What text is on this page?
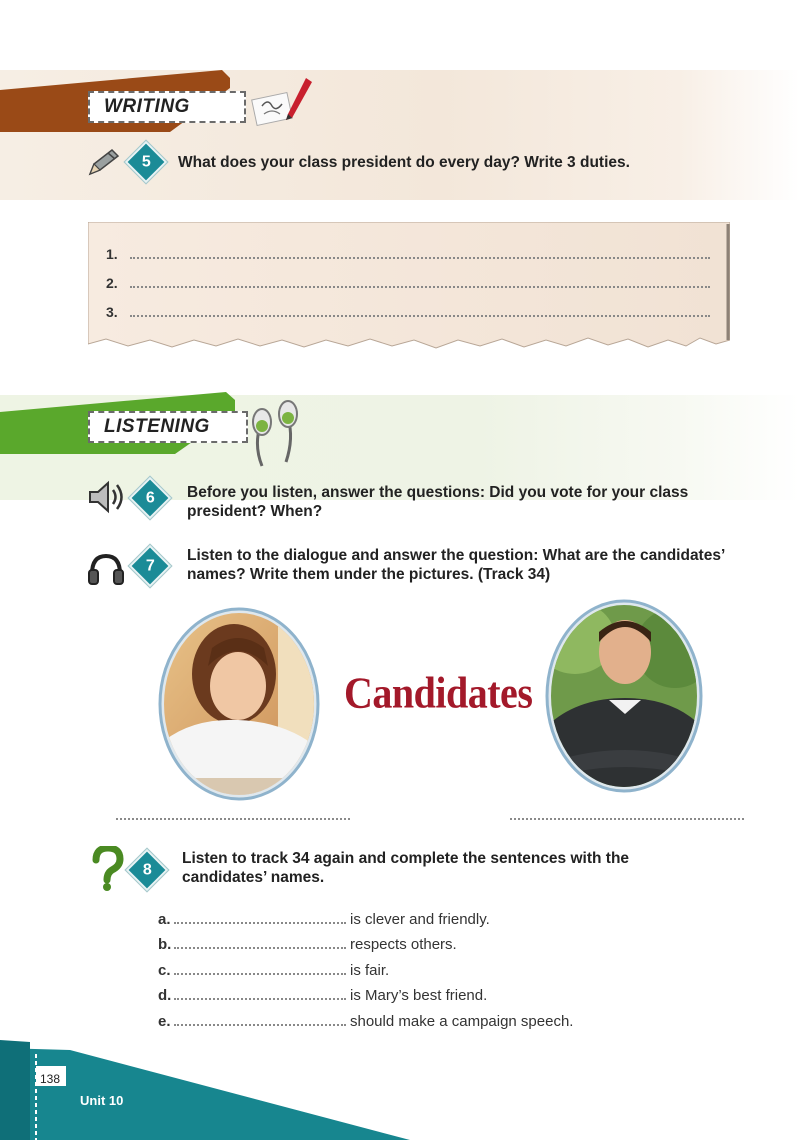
WRITING
5 What does your class president do every day? Write 3 duties.
1.
2.
3.
LISTENING
6 Before you listen, answer the questions: Did you vote for your class president? When?
7
Listen to the dialogue and answer the question: What are the candidates’ names? Write them under the pictures. (Track 34)
Candidates
8
Listen to track 34 again and complete the sentences with the candidates’ names.
a.	is clever and friendly.
b.	respects others.
c.	is fair.
d.	is Mary’s best friend.
e.	should make a campaign speech.
138
Unit 10
